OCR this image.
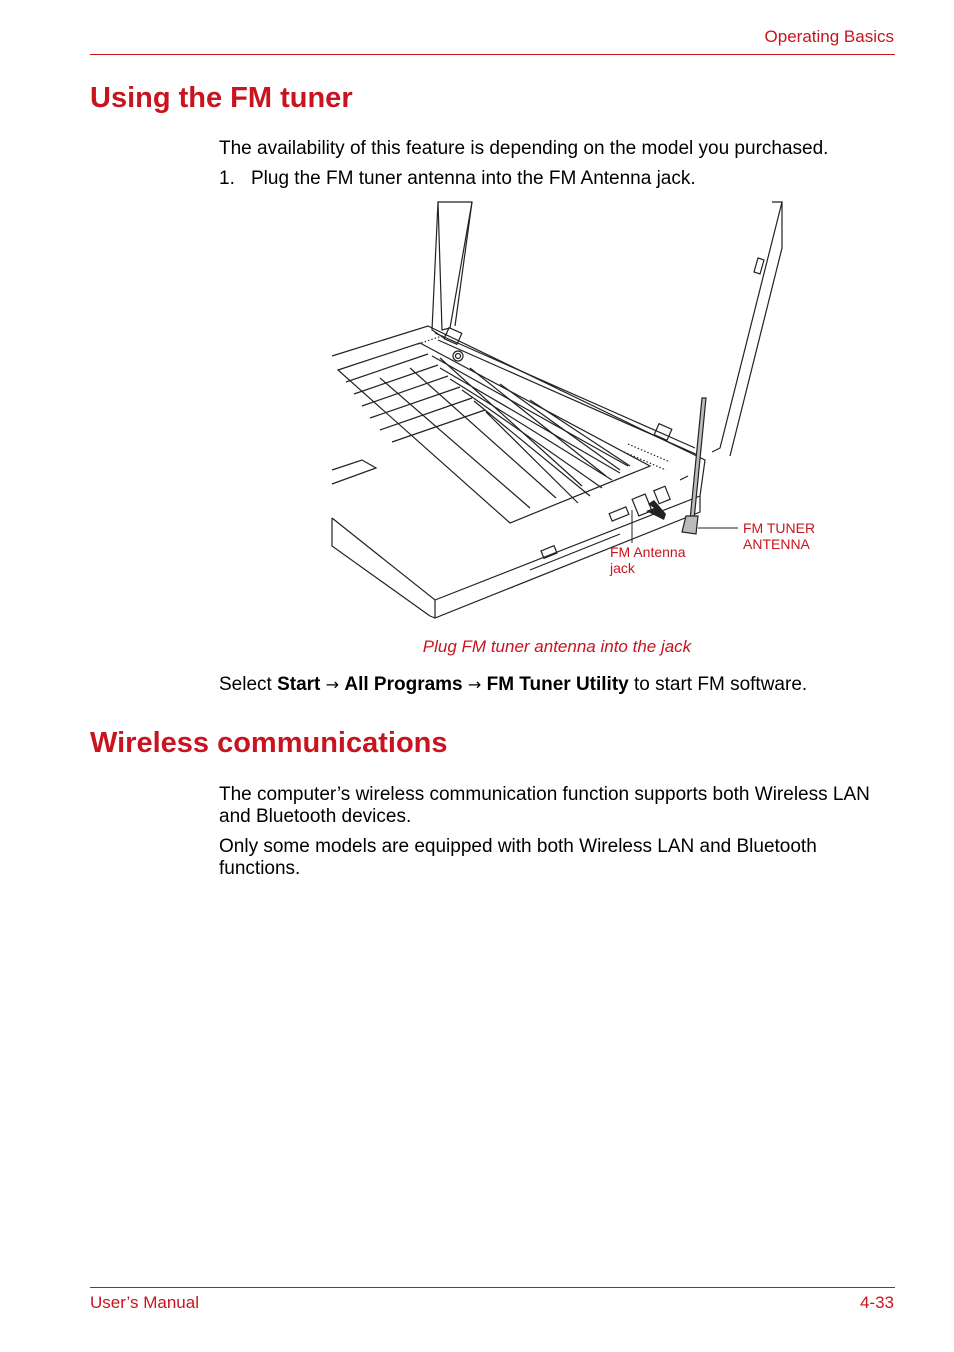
Operating Basics
Using the FM tuner
The availability of this feature is depending on the model you purchased.
1. Plug the FM tuner antenna into the FM Antenna jack.
FM Antenna
jack
FM TUNER
ANTENNA
Plug FM tuner antenna into the jack
Select Start → All Programs → FM Tuner Utility to start FM software.
Wireless communications
The computer’s wireless communication function supports both Wireless LAN and Bluetooth devices.
Only some models are equipped with both Wireless LAN and Bluetooth functions.
User’s Manual	4-33
